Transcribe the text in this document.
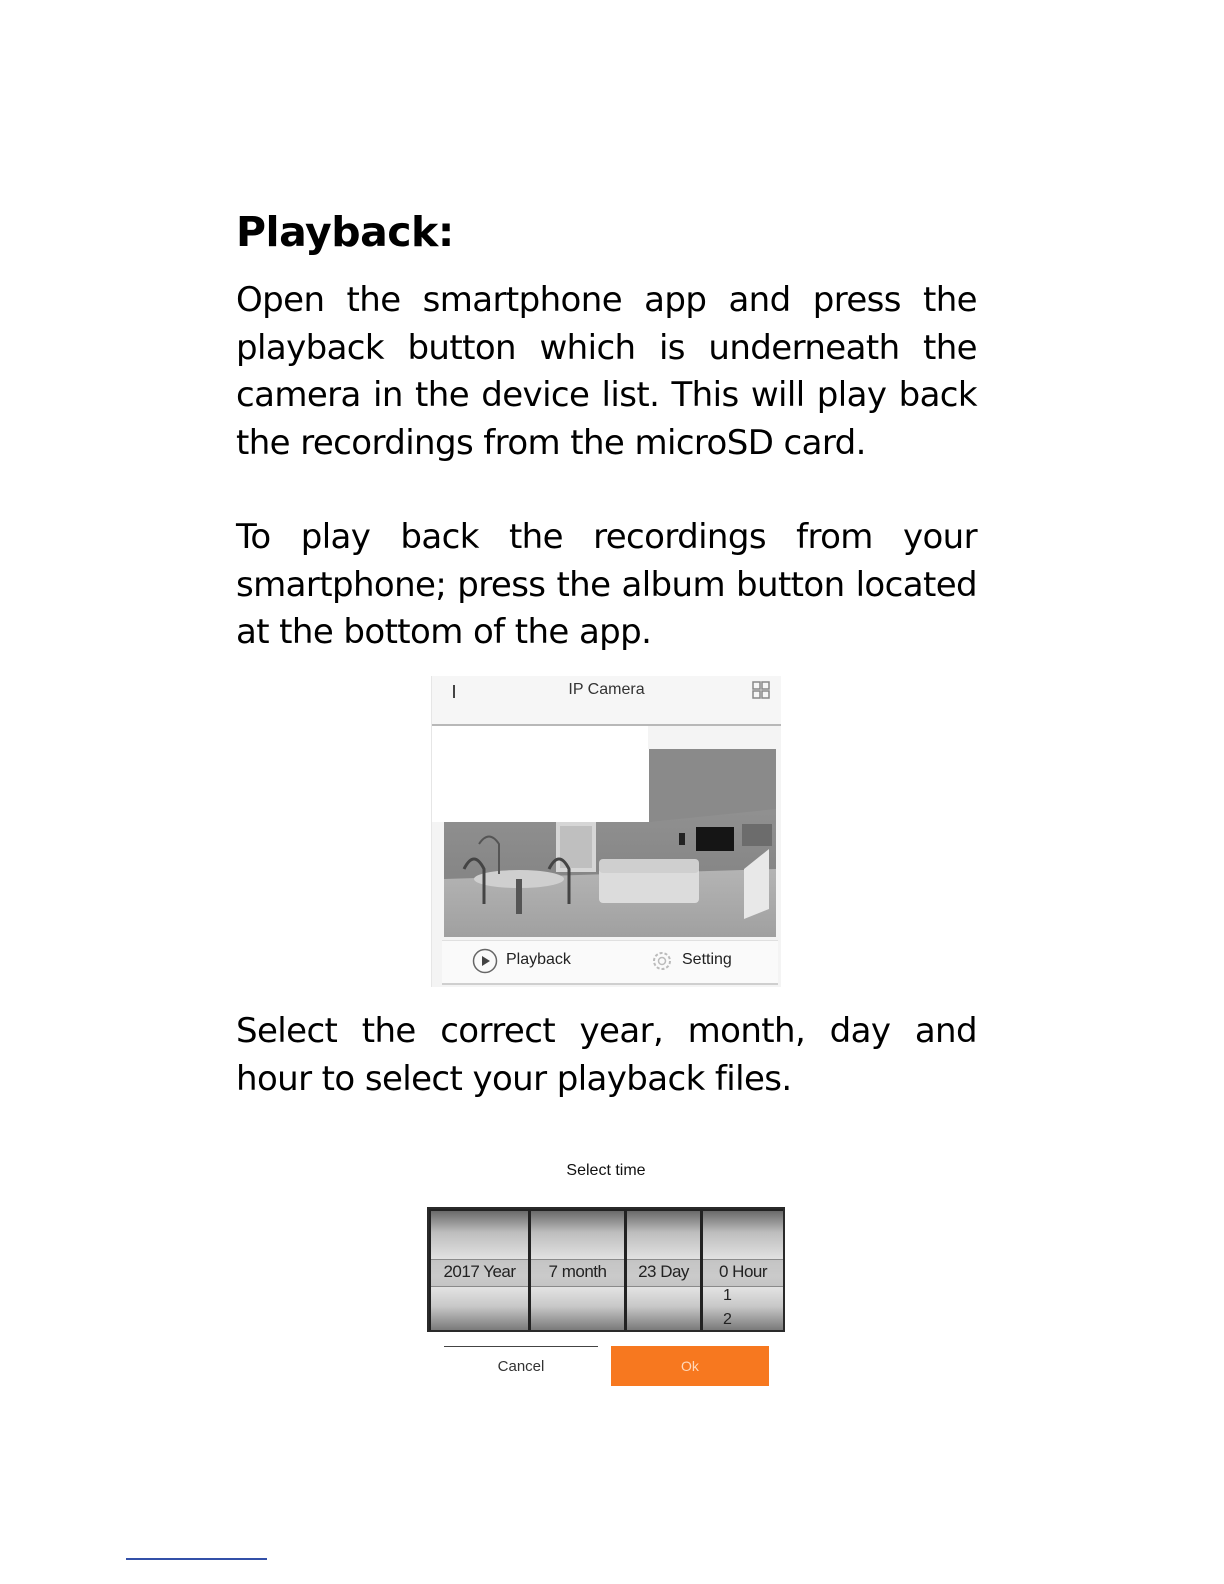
Playback:
Open the smartphone app and press the playback button which is underneath the camera in the device list. This will play back the recordings from the microSD card.
To play back the recordings from your smartphone; press the album button located at the bottom of the app.
IP Camera
Playback	Setting
Select the correct year, month, day and hour to select your playback files.
Select time
2017 Year	7 month	23 Day	0 Hour
1
2
Cancel	Ok
